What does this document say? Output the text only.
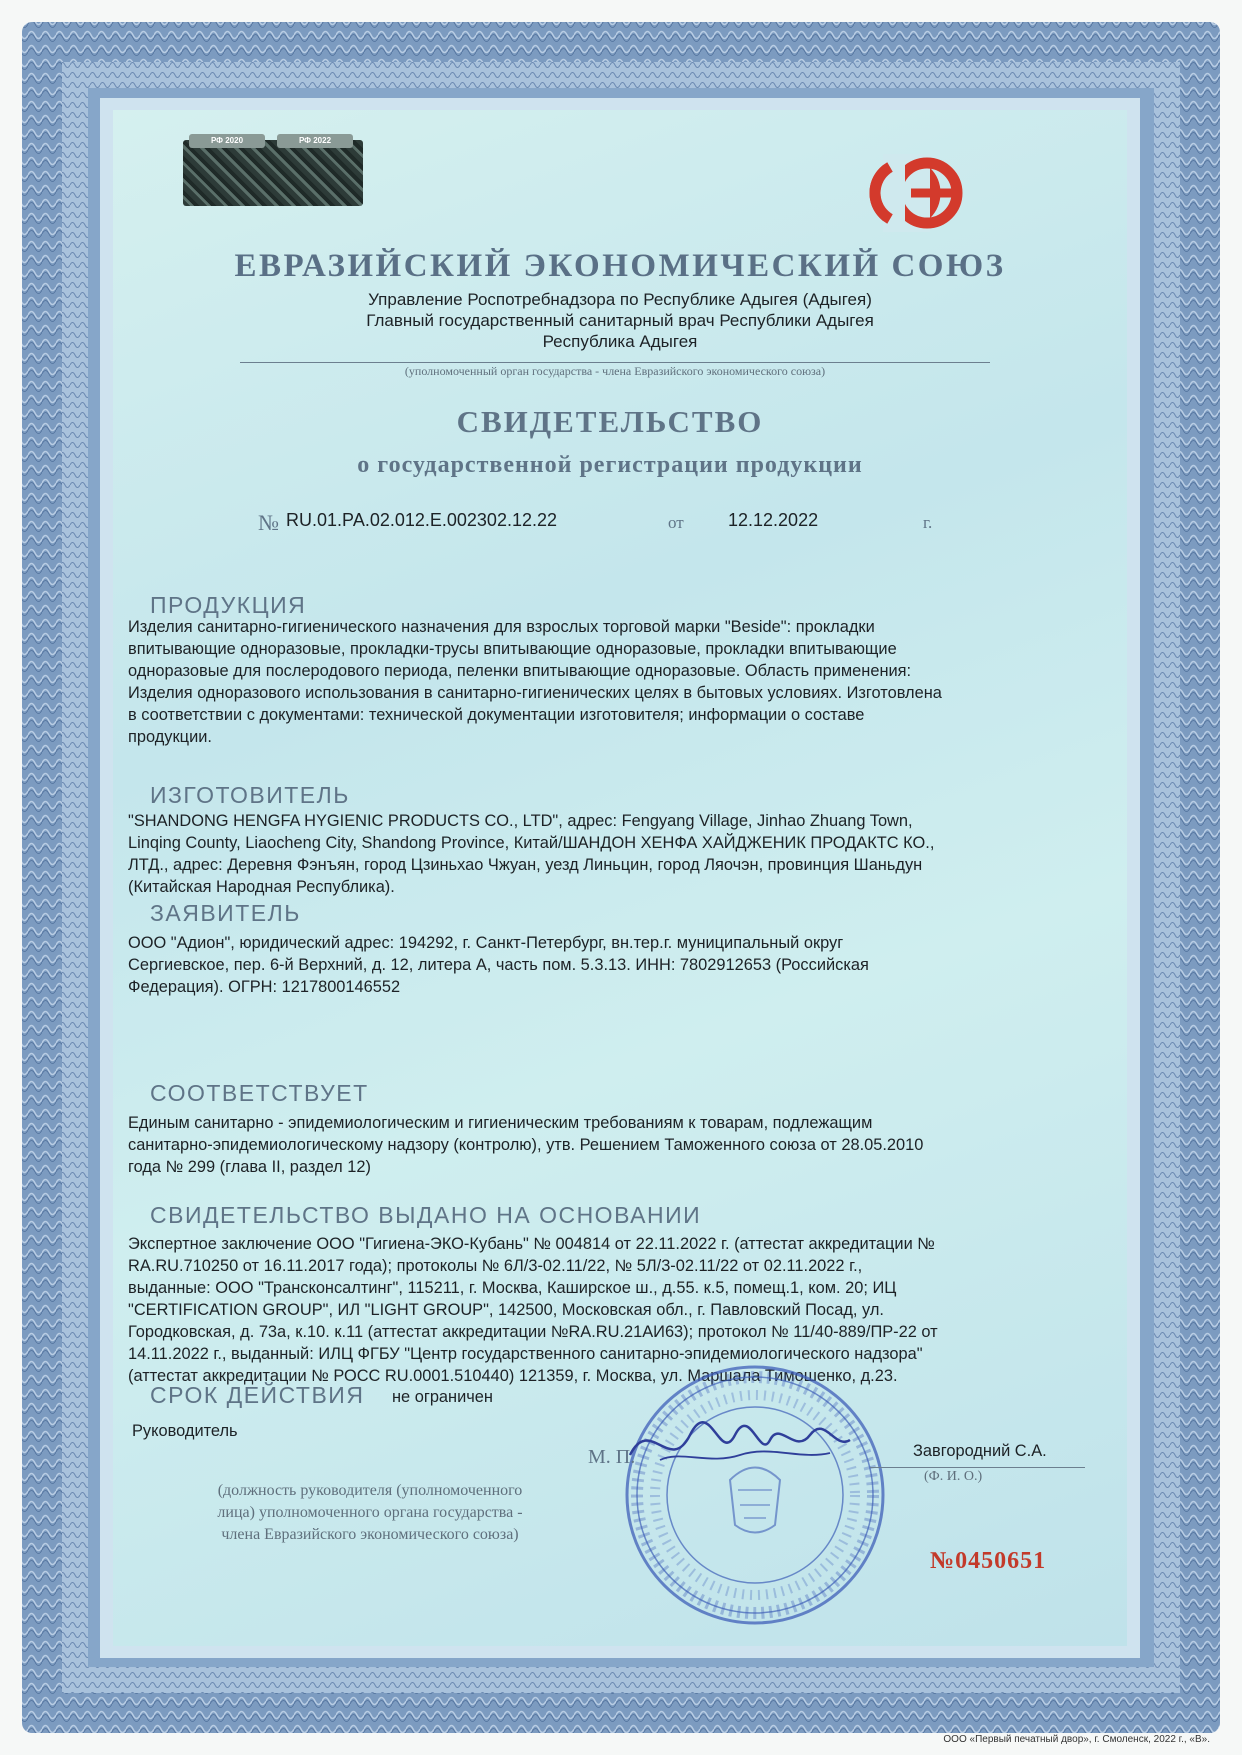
РФ 2020	РФ 2022
ЕВРАЗИЙСКИЙ ЭКОНОМИЧЕСКИЙ СОЮЗ
Управление Роспотребнадзора по Республике Адыгея (Адыгея)
Главный государственный санитарный врач Республики Адыгея
Республика Адыгея
(уполномоченный орган государства - члена Евразийского экономического союза)
СВИДЕТЕЛЬСТВО
о государственной регистрации продукции
№ RU.01.РА.02.012.Е.002302.12.22	от 12.12.2022	г.
ПРОДУКЦИЯ

Изделия санитарно-гигиенического назначения для взрослых торговой марки "Beside": прокладки

впитывающие одноразовые, прокладки-трусы впитывающие одноразовые, прокладки впитывающие

одноразовые для послеродового периода, пеленки впитывающие одноразовые. Область применения:

Изделия одноразового использования в санитарно-гигиенических целях в бытовых условиях. Изготовлена

в соответствии с документами: технической документации изготовителя; информации о составе

продукции.

ИЗГОТОВИТЕЛЬ

"SHANDONG HENGFA HYGIENIC PRODUCTS CO., LTD", адрес: Fengyang Village, Jinhao Zhuang Town,

Linqing County, Liaocheng City, Shandong Province, Китай/ШАНДОН ХЕНФА ХАЙДЖЕНИК ПРОДАКТС КО.,

ЛТД., адрес: Деревня Фэнъян, город Цзиньхао Чжуан, уезд Линьцин, город Ляочэн, провинция Шаньдун

(Китайская Народная Республика).

ЗАЯВИТЕЛЬ

ООО "Адион", юридический адрес: 194292, г. Санкт-Петербург, вн.тер.г. муниципальный округ

Сергиевское, пер. 6-й Верхний, д. 12, литера А, часть пом. 5.3.13. ИНН: 7802912653 (Российская

Федерация). ОГРН: 1217800146552

СООТВЕТСТВУЕТ

Единым санитарно - эпидемиологическим и гигиеническим требованиям к товарам, подлежащим

санитарно-эпидемиологическому надзору (контролю), утв. Решением Таможенного союза от 28.05.2010

года № 299 (глава II, раздел 12)

СВИДЕТЕЛЬСТВО ВЫДАНО НА ОСНОВАНИИ

Экспертное заключение ООО "Гигиена-ЭКО-Кубань" № 004814 от 22.11.2022 г. (аттестат аккредитации №

RA.RU.710250 от 16.11.2017 года); протоколы № 6Л/3-02.11/22, № 5Л/3-02.11/22 от 02.11.2022 г.,

выданные: ООО "Трансконсалтинг", 115211, г. Москва, Каширское ш., д.55. к.5, помещ.1, ком. 20; ИЦ

"CERTIFICATION GROUP", ИЛ "LIGHT GROUP", 142500, Московская обл., г. Павловский Посад, ул.

Городковская, д. 73а, к.10. к.11 (аттестат аккредитации №RA.RU.21АИ63); протокол № 11/40-889/ПР-22 от

14.11.2022 г., выданный: ИЛЦ ФГБУ "Центр государственного санитарно-эпидемиологического надзора"

(аттестат аккредитации № РОСС RU.0001.510440) 121359, г. Москва, ул. Маршала Тимошенко, д.23.

СРОК ДЕЙСТВИЯ не ограничен
Руководитель
М. П.	Завгородний С.А.
(Ф. И. О.)
(должность руководителя (уполномоченного
лица) уполномоченного органа государства -
члена Евразийского экономического союза)
№0450651
ООО «Первый печатный двор», г. Смоленск, 2022 г., «В».
